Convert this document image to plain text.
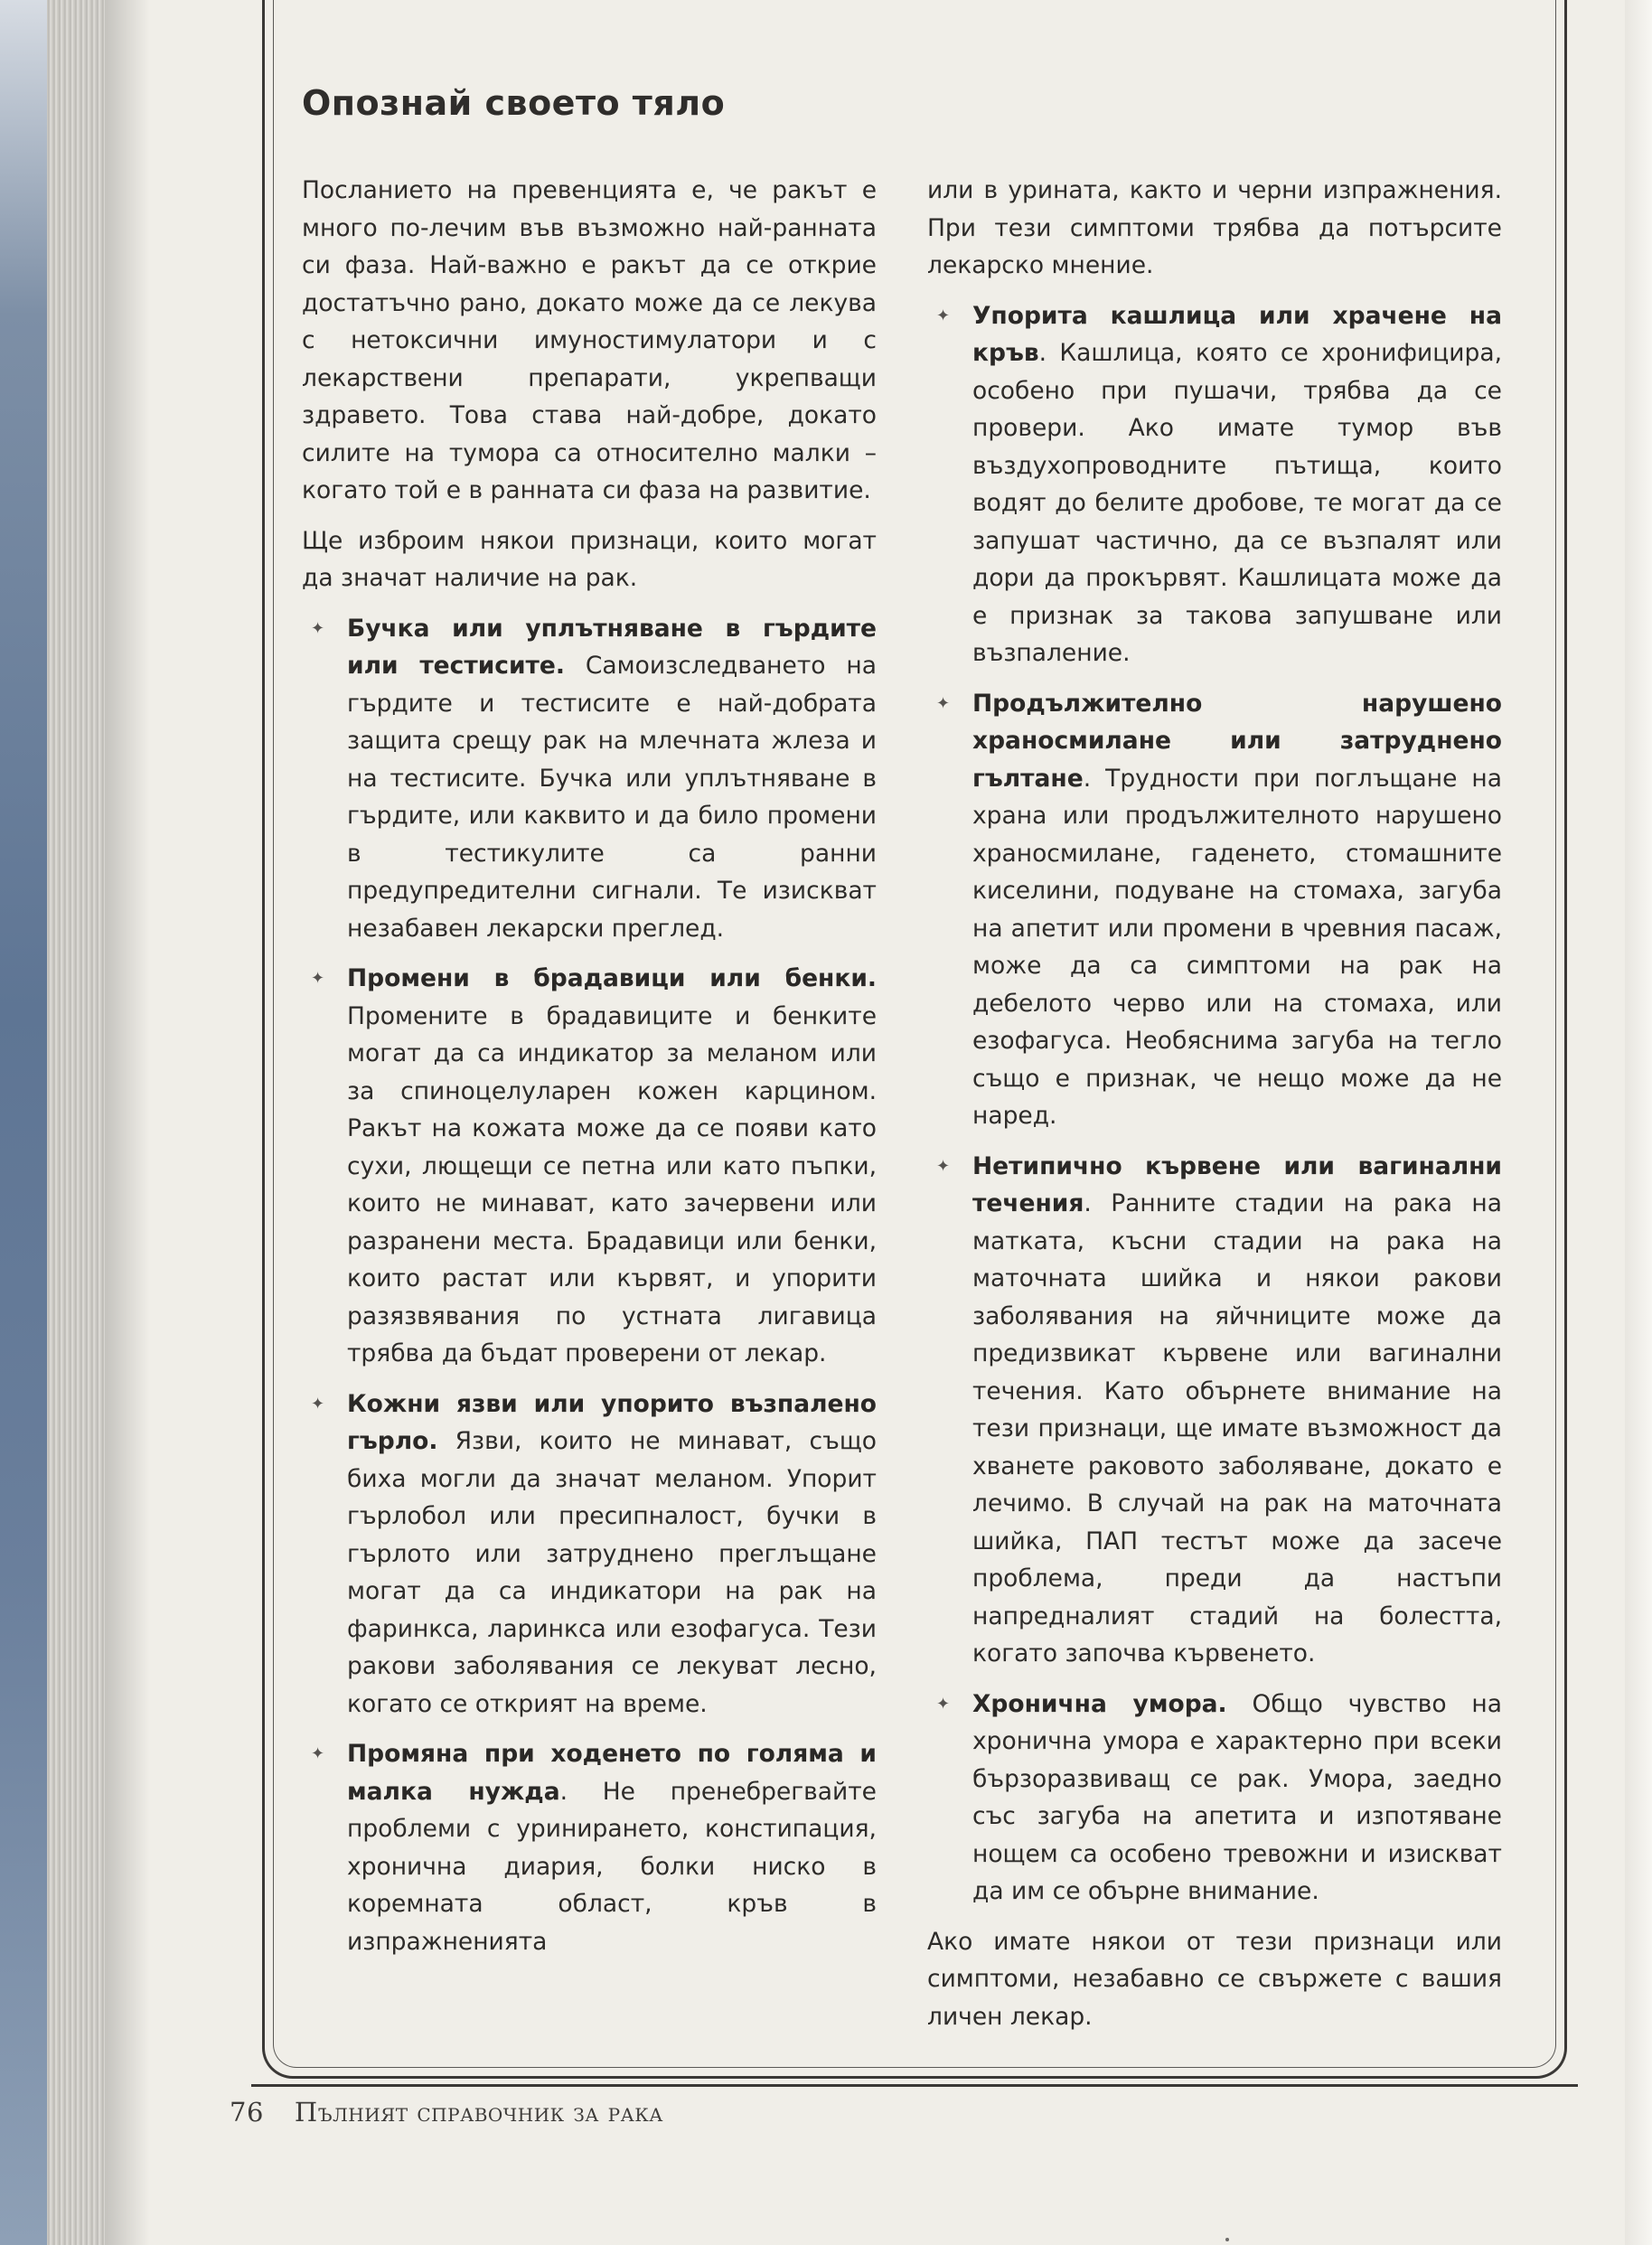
Опознай своето тяло

Посланието на превенцията е, че ракът е много по-лечим във възможно най-ранната си фаза. Най-важно е ракът да се открие достатъчно рано, докато може да се лекува с нетоксични имуностимулатори и с лекарствени препарати, укрепващи здравето. Това става най-добре, докато силите на тумора са относително малки – когато той е в ранната си фаза на развитие.

Ще изброим някои признаци, които могат да значат наличие на рак.

✦ Бучка или уплътняване в гърдите или тестисите. Самоизследването на гърдите и тестисите е най-добрата защита срещу рак на млечната жлеза и на тестисите. Бучка или уплътняване в гърдите, или каквито и да било промени в тестикулите са ранни предупредителни сигнали. Те изискват незабавен лекарски преглед.
✦ Промени в брадавици или бенки. Промените в брадавиците и бенките могат да са индикатор за меланом или за спиноцелуларен кожен карцином. Ракът на кожата може да се появи като сухи, лющещи се петна или като пъпки, които не минават, като зачервени или разранени места. Брадавици или бенки, които растат или кървят, и упорити разязвявания по устната лигавица трябва да бъдат проверени от лекар.
✦ Кожни язви или упорито възпалено гърло. Язви, които не минават, също биха могли да значат меланом. Упорит гърлобол или пресипналост, бучки в гърлото или затруднено преглъщане могат да са индикатори на рак на фаринкса, ларинкса или езофагуса. Тези ракови заболявания се лекуват лесно, когато се открият на време.
✦ Промяна при ходенето по голяма и малка нужда. Не пренебрегвайте проблеми с уринирането, констипация, хронична диария, болки ниско в коремната област, кръв в изпражненията

или в урината, както и черни изпражнения. При тези симптоми трябва да потърсите лекарско мнение.

✦ Упорита кашлица или храчене на кръв. Кашлица, която се хронифицира, особено при пушачи, трябва да се провери. Ако имате тумор във въздухопроводните пътища, които водят до белите дробове, те могат да се запушат частично, да се възпалят или дори да прокървят. Кашлицата може да е признак за такова запушване или възпаление.
✦ Продължително нарушено храносмилане или затруднено гълтане. Трудности при поглъщане на храна или продължителното нарушено храносмилане, гаденето, стомашните киселини, подуване на стомаха, загуба на апетит или промени в чревния пасаж, може да са симптоми на рак на дебелото черво или на стомаха, или езофагуса. Необяснима загуба на тегло също е признак, че нещо може да не наред.
✦ Нетипично кървене или вагинални течения. Ранните стадии на рака на матката, късни стадии на рака на маточната шийка и някои ракови заболявания на яйчниците може да предизвикат кървене или вагинални течения. Като обърнете внимание на тези признаци, ще имате възможност да хванете раковото заболяване, докато е лечимо. В случай на рак на маточната шийка, ПАП тестът може да засече проблема, преди да настъпи напредналият стадий на болестта, когато започва кървенето.
✦ Хронична умора. Общо чувство на хронична умора е характерно при всеки бързоразвиващ се рак. Умора, заедно със загуба на апетита и изпотяване нощем са особено тревожни и изискват да им се обърне внимание.

Ако имате някои от тези признаци или симптоми, незабавно се свържете с вашия личен лекар.

76 Пълният справочник за рака
